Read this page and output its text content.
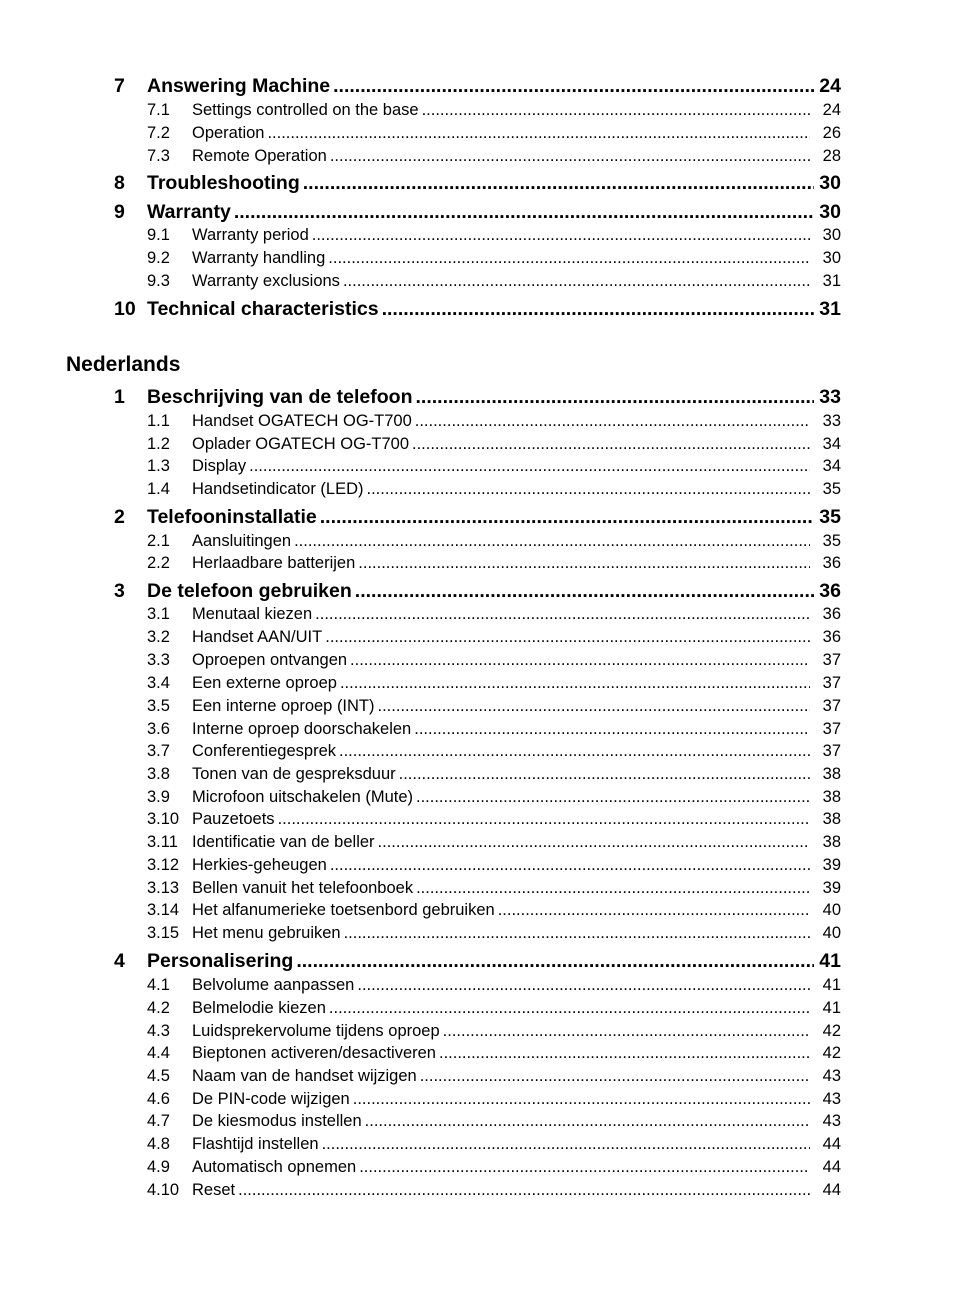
7	Answering Machine .....	24
7.1	Settings controlled on the base .....	24
7.2	Operation .....	26
7.3	Remote Operation .....	28
8	Troubleshooting .....	30
9	Warranty .....	30
9.1	Warranty period .....	30
9.2	Warranty handling .....	30
9.3	Warranty exclusions .....	31
10 Technical characteristics .....	31
Nederlands
1	Beschrijving van de telefoon .....	33
1.1	Handset OGATECH OG-T700 .....	33
1.2	Oplader OGATECH OG-T700 .....	34
1.3	Display .....	34
1.4	Handsetindicator (LED) .....	35
2	Telefooninstallatie .....	35
2.1	Aansluitingen .....	35
2.2	Herlaadbare batterijen .....	36
3	De telefoon gebruiken .....	36
3.1	Menutaal kiezen .....	36
3.2	Handset AAN/UIT .....	36
3.3	Oproepen ontvangen .....	37
3.4	Een externe oproep .....	37
3.5	Een interne oproep (INT) .....	37
3.6	Interne oproep doorschakelen .....	37
3.7	Conferentiegesprek .....	37
3.8	Tonen van de gespreksduur .....	38
3.9	Microfoon uitschakelen (Mute) .....	38
3.10 Pauzetoets .....	38
3.11 Identificatie van de beller .....	38
3.12 Herkies-geheugen .....	39
3.13 Bellen vanuit het telefoonboek .....	39
3.14 Het alfanumerieke toetsenbord gebruiken .....	40
3.15 Het menu gebruiken .....	40
4	Personalisering .....	41
4.1	Belvolume aanpassen .....	41
4.2	Belmelodie kiezen .....	41
4.3	Luidsprekervolume tijdens oproep .....	42
4.4	Bieptonen activeren/desactiveren .....	42
4.5	Naam van de handset wijzigen .....	43
4.6	De PIN-code wijzigen .....	43
4.7	De kiesmodus instellen .....	43
4.8	Flashtijd instellen .....	44
4.9	Automatisch opnemen .....	44
4.10 Reset .....	44
